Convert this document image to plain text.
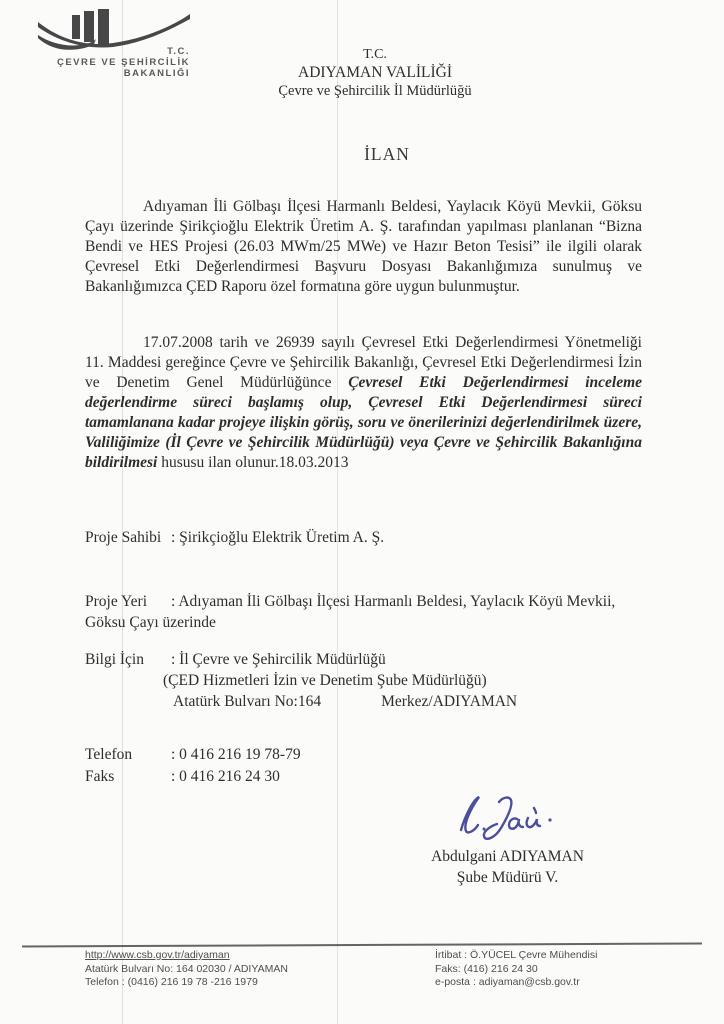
T.C.
ÇEVRE VE ŞEHİRCİLİK
BAKANLIĞI
T.C.
ADIYAMAN VALİLİĞİ
Çevre ve Şehircilik İl Müdürlüğü
İLAN
Adıyaman İli Gölbaşı İlçesi Harmanlı Beldesi, Yaylacık Köyü Mevkii, Göksu Çayı üzerinde Şirikçioğlu Elektrik Üretim A. Ş. tarafından yapılması planlanan “Bizna Bendi ve HES Projesi (26.03 MWm/25 MWe) ve Hazır Beton Tesisi” ile ilgili olarak Çevresel Etki Değerlendirmesi Başvuru Dosyası Bakanlığımıza sunulmuş ve Bakanlığımızca ÇED Raporu özel formatına göre uygun bulunmuştur.
17.07.2008 tarih ve 26939 sayılı Çevresel Etki Değerlendirmesi Yönetmeliği 11. Maddesi gereğince Çevre ve Şehircilik Bakanlığı, Çevresel Etki Değerlendirmesi İzin ve Denetim Genel Müdürlüğünce Çevresel Etki Değerlendirmesi inceleme değerlendirme süreci başlamış olup, Çevresel Etki Değerlendirmesi süreci tamamlanana kadar projeye ilişkin görüş, soru ve önerilerinizi değerlendirilmek üzere, Valiliğimize (İl Çevre ve Şehircilik Müdürlüğü) veya Çevre ve Şehircilik Bakanlığına bildirilmesi hususu ilan olunur.18.03.2013
Proje Sahibi : Şirikçioğlu Elektrik Üretim A. Ş.
Proje Yeri : Adıyaman İli Gölbaşı İlçesi Harmanlı Beldesi, Yaylacık Köyü Mevkii, Göksu Çayı üzerinde
Bilgi İçin : İl Çevre ve Şehircilik Müdürlüğü
(ÇED Hizmetleri İzin ve Denetim Şube Müdürlüğü)
Atatürk Bulvarı No:164	Merkez/ADIYAMAN
Telefon	: 0 416 216 19 78-79
Faks	: 0 416 216 24 30
Abdulgani ADIYAMAN
Şube Müdürü V.
http://www.csb.gov.tr/adiyaman
Atatürk Bulvarı No: 164 02030 / ADIYAMAN
Telefon : (0416) 216 19 78 -216 1979
İrtibat : Ö.YÜCEL Çevre Mühendisi
Faks: (416) 216 24 30
e-posta : adiyaman@csb.gov.tr
